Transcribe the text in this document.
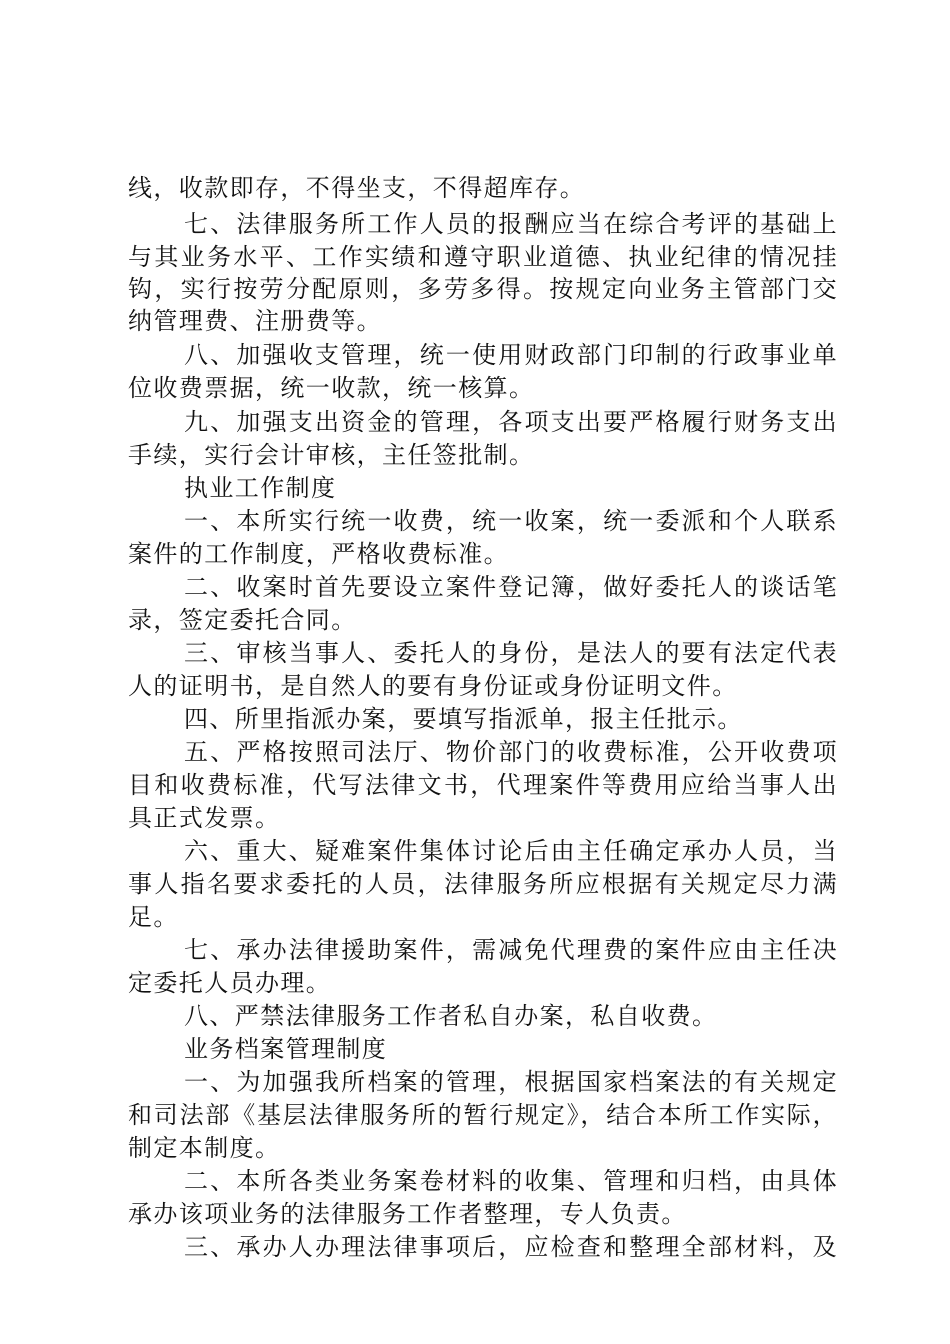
线，收款即存，不得坐支，不得超库存。
七、法律服务所工作人员的报酬应当在综合考评的基础上
与其业务水平、工作实绩和遵守职业道德、执业纪律的情况挂
钩，实行按劳分配原则，多劳多得。按规定向业务主管部门交
纳管理费、注册费等。
八、加强收支管理，统一使用财政部门印制的行政事业单
位收费票据，统一收款，统一核算。
九、加强支出资金的管理，各项支出要严格履行财务支出
手续，实行会计审核，主任签批制。
执业工作制度
一、本所实行统一收费，统一收案，统一委派和个人联系
案件的工作制度，严格收费标准。
二、收案时首先要设立案件登记簿，做好委托人的谈话笔
录，签定委托合同。
三、审核当事人、委托人的身份，是法人的要有法定代表
人的证明书，是自然人的要有身份证或身份证明文件。
四、所里指派办案，要填写指派单，报主任批示。
五、严格按照司法厅、物价部门的收费标准，公开收费项
目和收费标准，代写法律文书，代理案件等费用应给当事人出
具正式发票。
六、重大、疑难案件集体讨论后由主任确定承办人员，当
事人指名要求委托的人员，法律服务所应根据有关规定尽力满
足。
七、承办法律援助案件，需减免代理费的案件应由主任决
定委托人员办理。
八、严禁法律服务工作者私自办案，私自收费。
业务档案管理制度
一、为加强我所档案的管理，根据国家档案法的有关规定
和司法部《基层法律服务所的暂行规定》，结合本所工作实际，
制定本制度。
二、本所各类业务案卷材料的收集、管理和归档，由具体
承办该项业务的法律服务工作者整理，专人负责。
三、承办人办理法律事项后，应检查和整理全部材料，及
